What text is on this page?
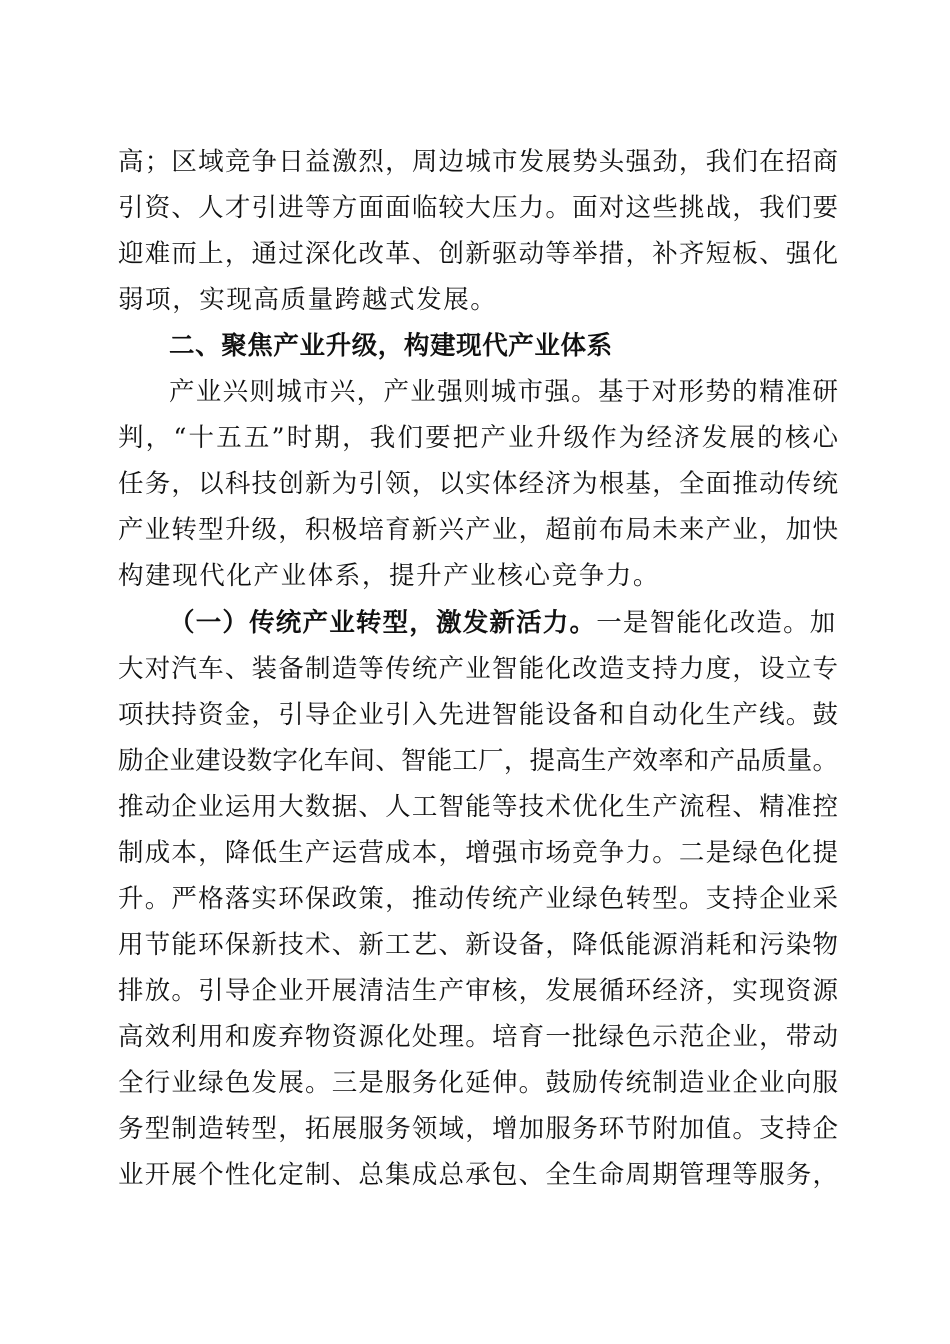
高；区域竞争日益激烈，周边城市发展势头强劲，我们在招商
引资、人才引进等方面面临较大压力。面对这些挑战，我们要
迎难而上，通过深化改革、创新驱动等举措，补齐短板、强化
弱项，实现高质量跨越式发展。
二、聚焦产业升级，构建现代产业体系
产业兴则城市兴，产业强则城市强。基于对形势的精准研
判，“十五五”时期，我们要把产业升级作为经济发展的核心
任务，以科技创新为引领，以实体经济为根基，全面推动传统
产业转型升级，积极培育新兴产业，超前布局未来产业，加快
构建现代化产业体系，提升产业核心竞争力。
（一）传统产业转型，激发新活力。一是智能化改造。加
大对汽车、装备制造等传统产业智能化改造支持力度，设立专
项扶持资金，引导企业引入先进智能设备和自动化生产线。鼓
励企业建设数字化车间、智能工厂，提高生产效率和产品质量。
推动企业运用大数据、人工智能等技术优化生产流程、精准控
制成本，降低生产运营成本，增强市场竞争力。二是绿色化提
升。严格落实环保政策，推动传统产业绿色转型。支持企业采
用节能环保新技术、新工艺、新设备，降低能源消耗和污染物
排放。引导企业开展清洁生产审核，发展循环经济，实现资源
高效利用和废弃物资源化处理。培育一批绿色示范企业，带动
全行业绿色发展。三是服务化延伸。鼓励传统制造业企业向服
务型制造转型，拓展服务领域，增加服务环节附加值。支持企
业开展个性化定制、总集成总承包、全生命周期管理等服务，
